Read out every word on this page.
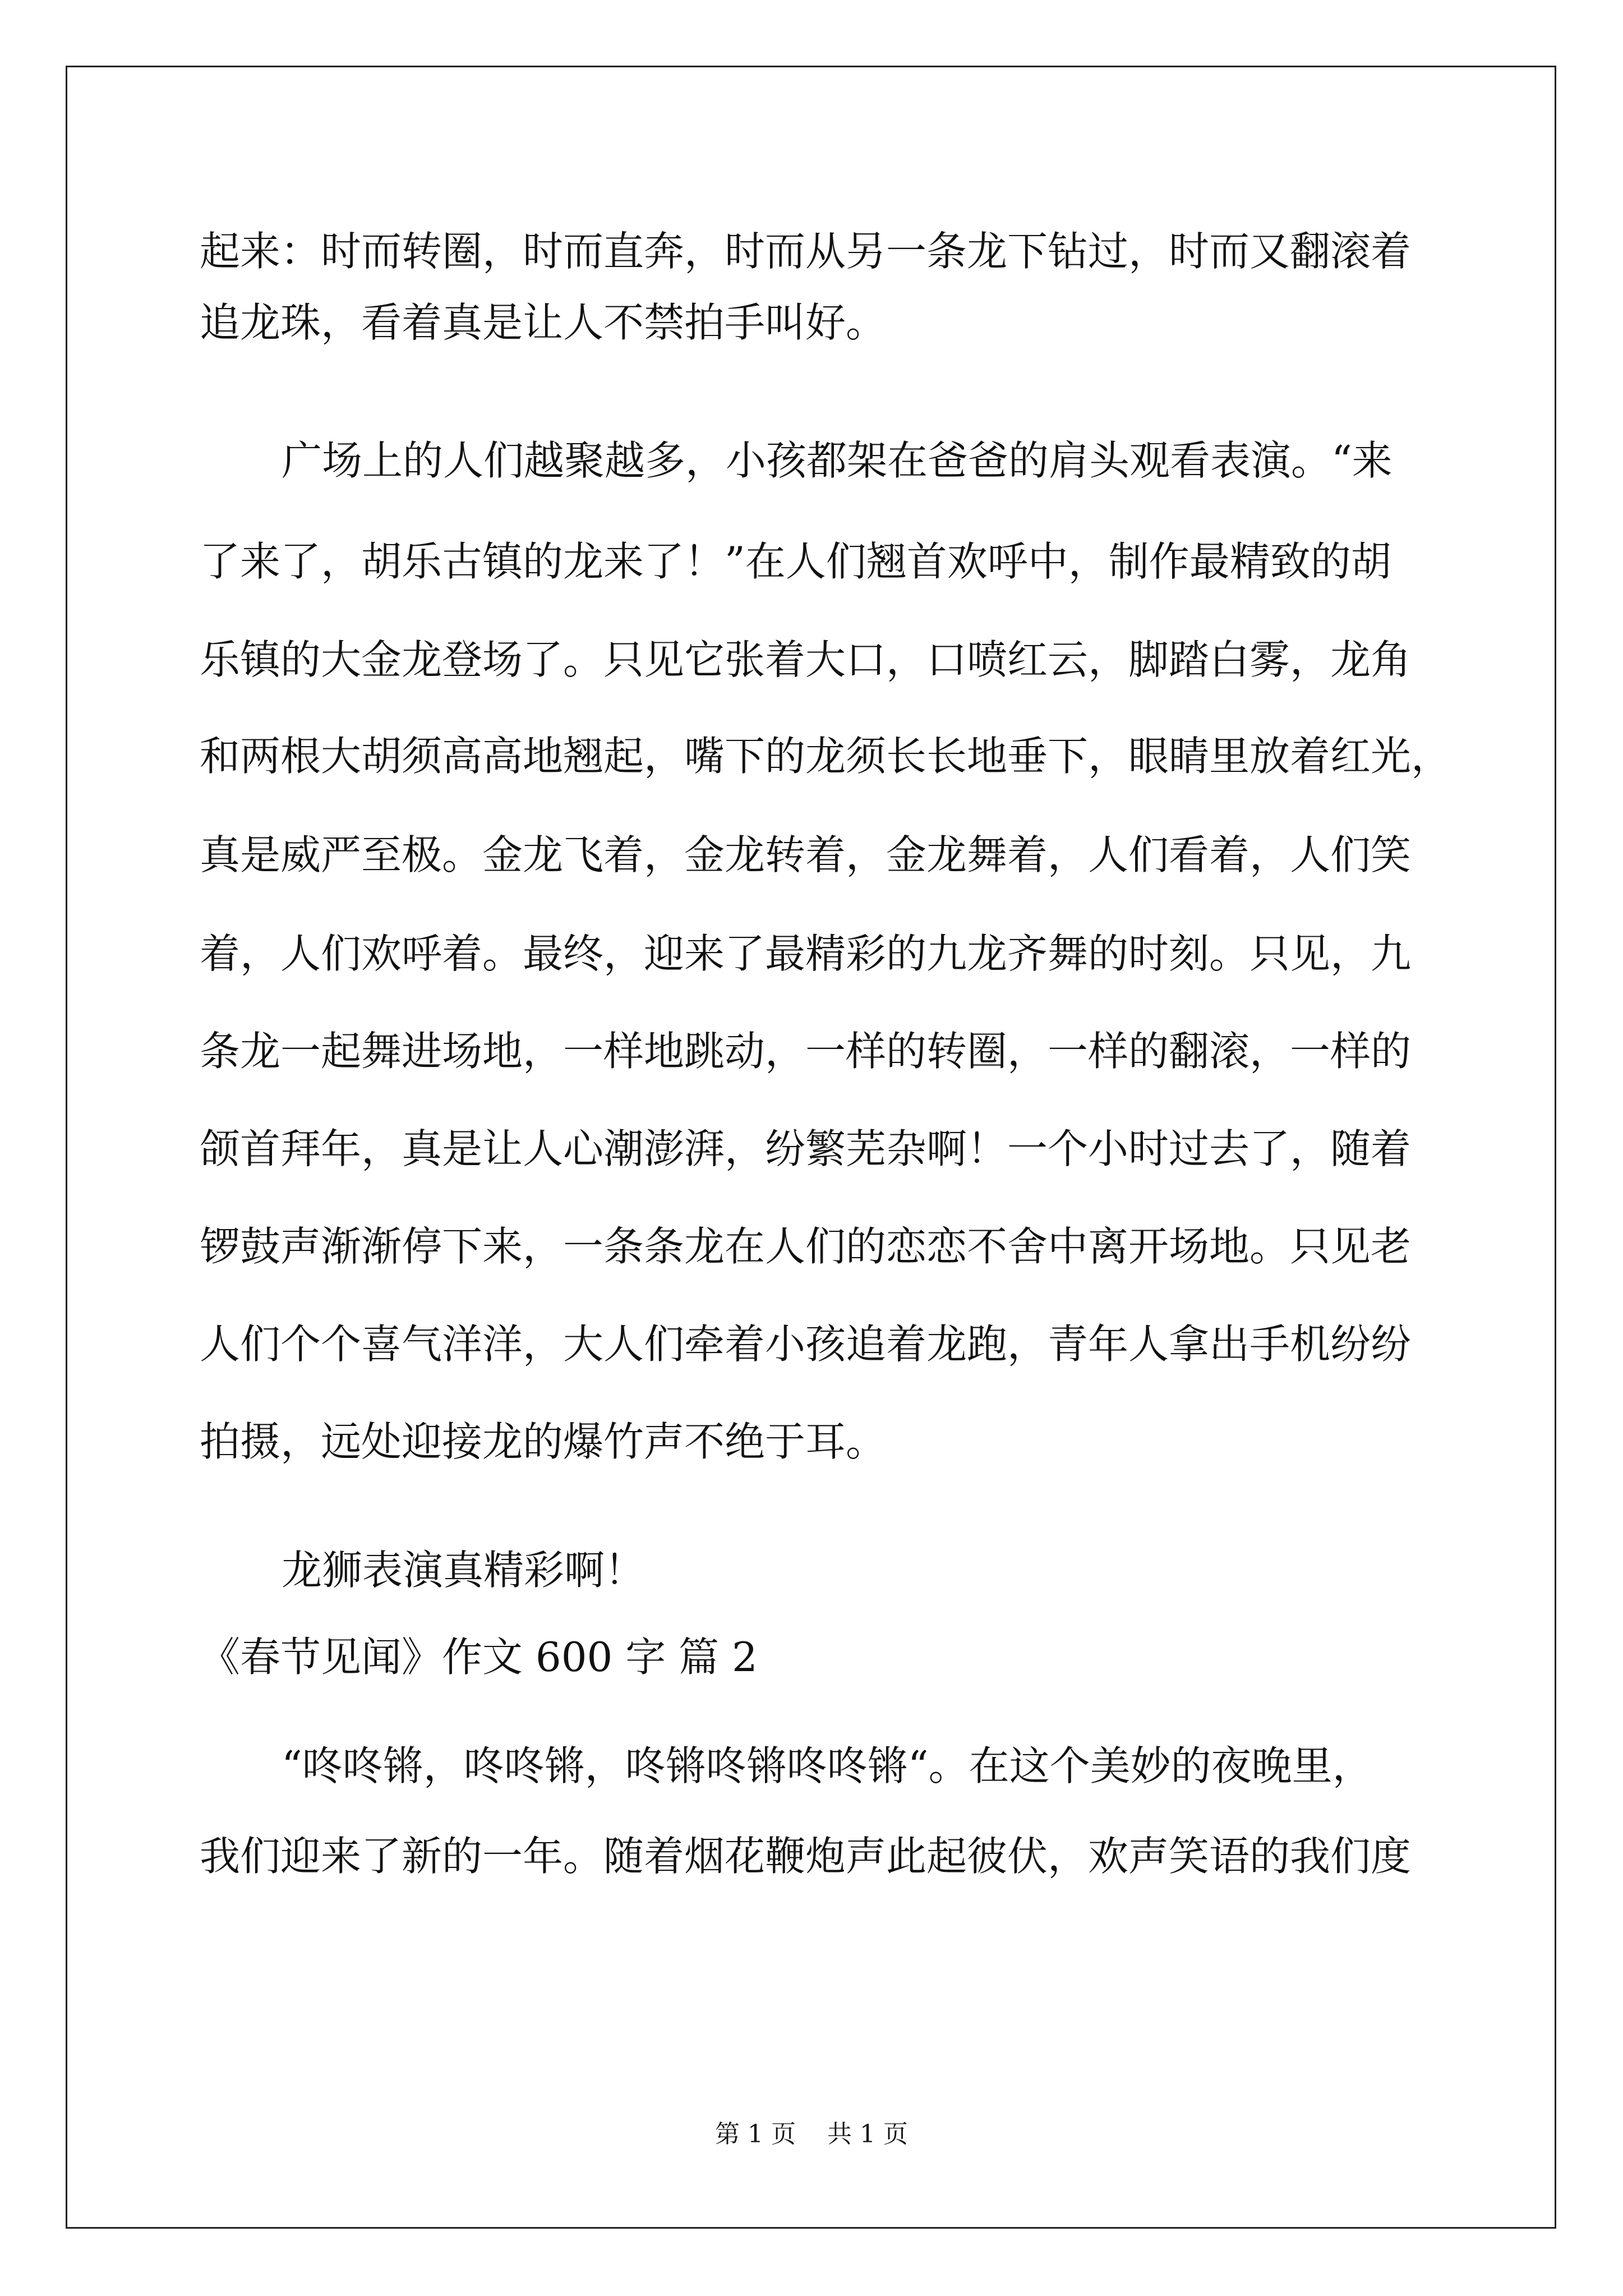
起来：时而转圈，时而直奔，时而从另一条龙下钻过，时而又翻滚着
追龙珠，看着真是让人不禁拍手叫好。
广场上的人们越聚越多，小孩都架在爸爸的肩头观看表演。“来
了来了，胡乐古镇的龙来了！”在人们翘首欢呼中，制作最精致的胡
乐镇的大金龙登场了。只见它张着大口，口喷红云，脚踏白雾，龙角
和两根大胡须高高地翘起，嘴下的龙须长长地垂下，眼睛里放着红光，
真是威严至极。金龙飞着，金龙转着，金龙舞着，人们看着，人们笑
着，人们欢呼着。最终，迎来了最精彩的九龙齐舞的时刻。只见，九
条龙一起舞进场地，一样地跳动，一样的转圈，一样的翻滚，一样的
颌首拜年，真是让人心潮澎湃，纷繁芜杂啊！一个小时过去了，随着
锣鼓声渐渐停下来，一条条龙在人们的恋恋不舍中离开场地。只见老
人们个个喜气洋洋，大人们牵着小孩追着龙跑，青年人拿出手机纷纷
拍摄，远处迎接龙的爆竹声不绝于耳。
龙狮表演真精彩啊！
《春节见闻》作文 600 字 篇 2
“咚咚锵，咚咚锵，咚锵咚锵咚咚锵“。在这个美妙的夜晚里，
我们迎来了新的一年。随着烟花鞭炮声此起彼伏，欢声笑语的我们度
第 1 页    共 1 页
